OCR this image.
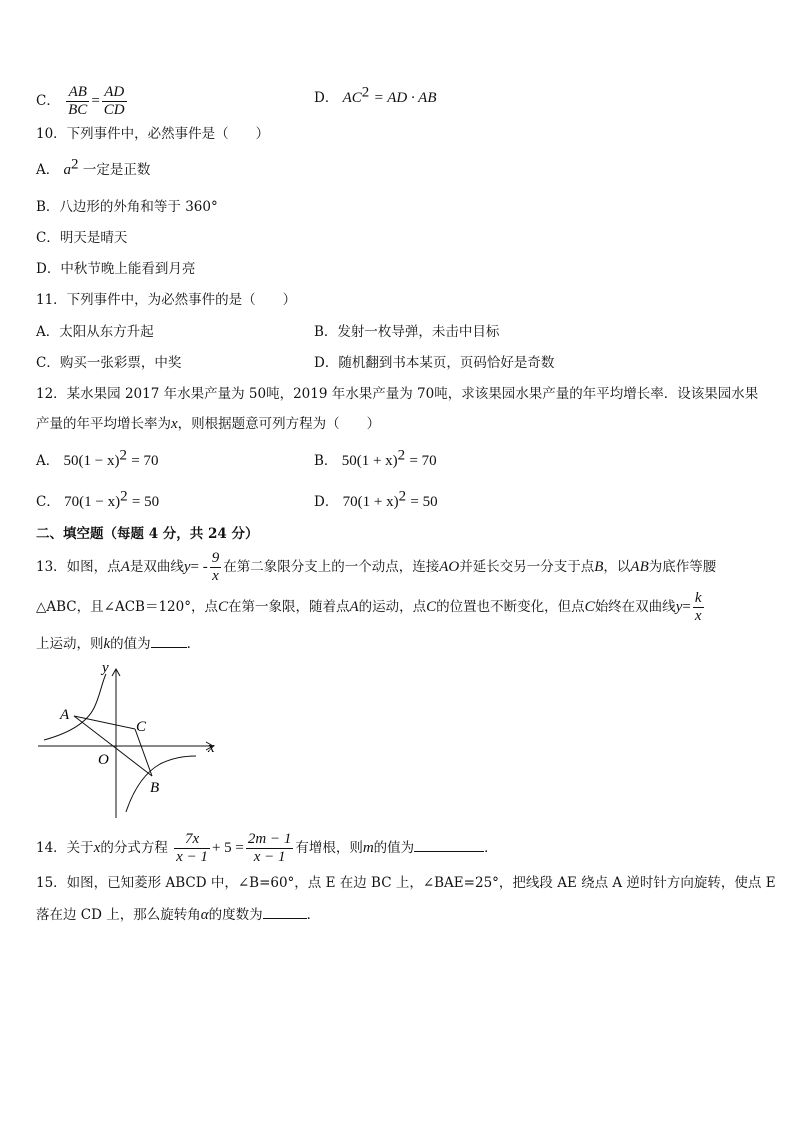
C． $\frac{AB}{BC} = \frac{AD}{CD}$	D． $AC^2$ = AD · AB
10．下列事件中，必然事件是（　　）
A． $a^2$ 一定是正数
B．八边形的外角和等于 360°
C．明天是晴天
D．中秋节晚上能看到月亮
11．下列事件中，为必然事件的是（　　）
A．太阳从东方升起	B．发射一枚导弹，未击中目标
C．购买一张彩票，中奖	D．随机翻到书本某页，页码恰好是奇数
12．某水果园 2017 年水果产量为 50吨，2019 年水果产量为 70吨，求该果园水果产量的年平均增长率．设该果园水果
产量的年平均增长率为x，则根据题意可列方程为（　　）
A． $50(1 - x)^2 = 70$	B． $50(1 + x)^2 = 70$
C． $70(1 - x)^2 = 50$	D． $70(1 + x)^2 = 50$
二、填空题（每题 4 分，共 24 分）
13．如图，点A是双曲线$y= - \frac{9}{x}$ 在第二象限分支上的一个动点，连接AO并延长交另一分支于点B，以AB为底作等腰
△ABC，且∠ACB＝120°，点C在第一象限，随着点A的运动，点C的位置也不断变化，但点C始终在双曲线$y= \frac{k}{x}$
上运动，则k的值为	．
y
x
O
A
C
B
14．关于x的分式方程 $\frac{7x}{x - 1} + 5 = \frac{2m - 1}{x - 1}$ 有增根，则m的值为	．
15．如图，已知菱形 ABCD 中，∠B=60°，点 E 在边 BC 上，∠BAE=25°，把线段 AE 绕点 A 逆时针方向旋转，使点 E
落在边 CD 上，那么旋转角α的度数为	．
